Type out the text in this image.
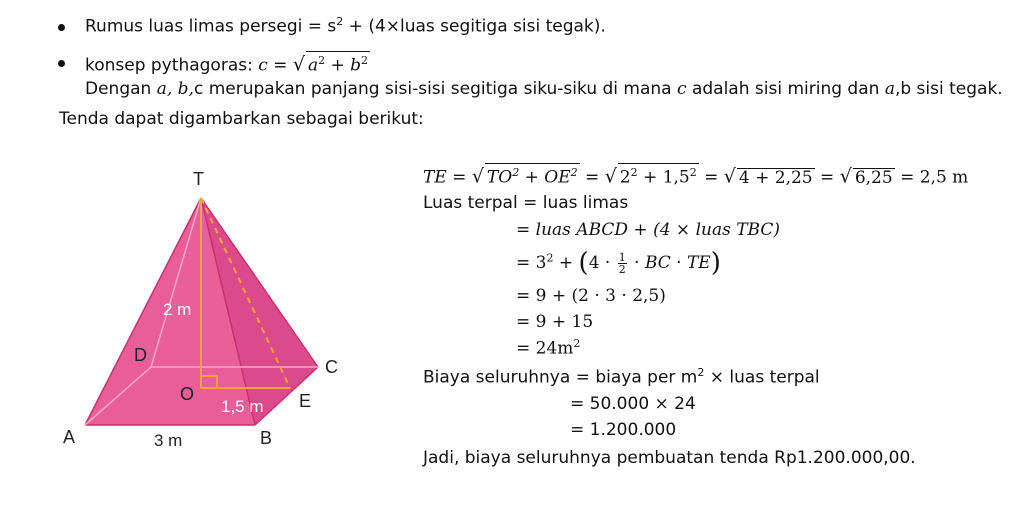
Rumus luas limas persegi = $s^2$ + (4×luas segitiga sisi tegak).
konsep pythagoras: c = √ $a^2 + b^2$
Dengan a, b,c merupakan panjang sisi-sisi segitiga siku-siku di mana c adalah sisi miring dan a,b sisi tegak.
Tenda dapat digambarkan sebagai berikut:
T
A	B
C
D
O	E
2 m
1,5 m
3 m
TE = √ $TO^2 + OE^2$ = √ $2^2 + 1,5^2$ = √ 4 + 2,25 = √ 6,25 = 2,5 m
Luas terpal = luas limas
= luas ABCD + (4 × luas TBC)
= $3^2 + (4 \cdot \frac{1}{2}$ · BC · TE)
= 9 + (2 · 3 · 2,5)
= 9 + 15
= $24m^2$
Biaya seluruhnya = biaya per $m^2$ × luas terpal
= 50.000 × 24
= 1.200.000
Jadi, biaya seluruhnya pembuatan tenda Rp1.200.000,00.
